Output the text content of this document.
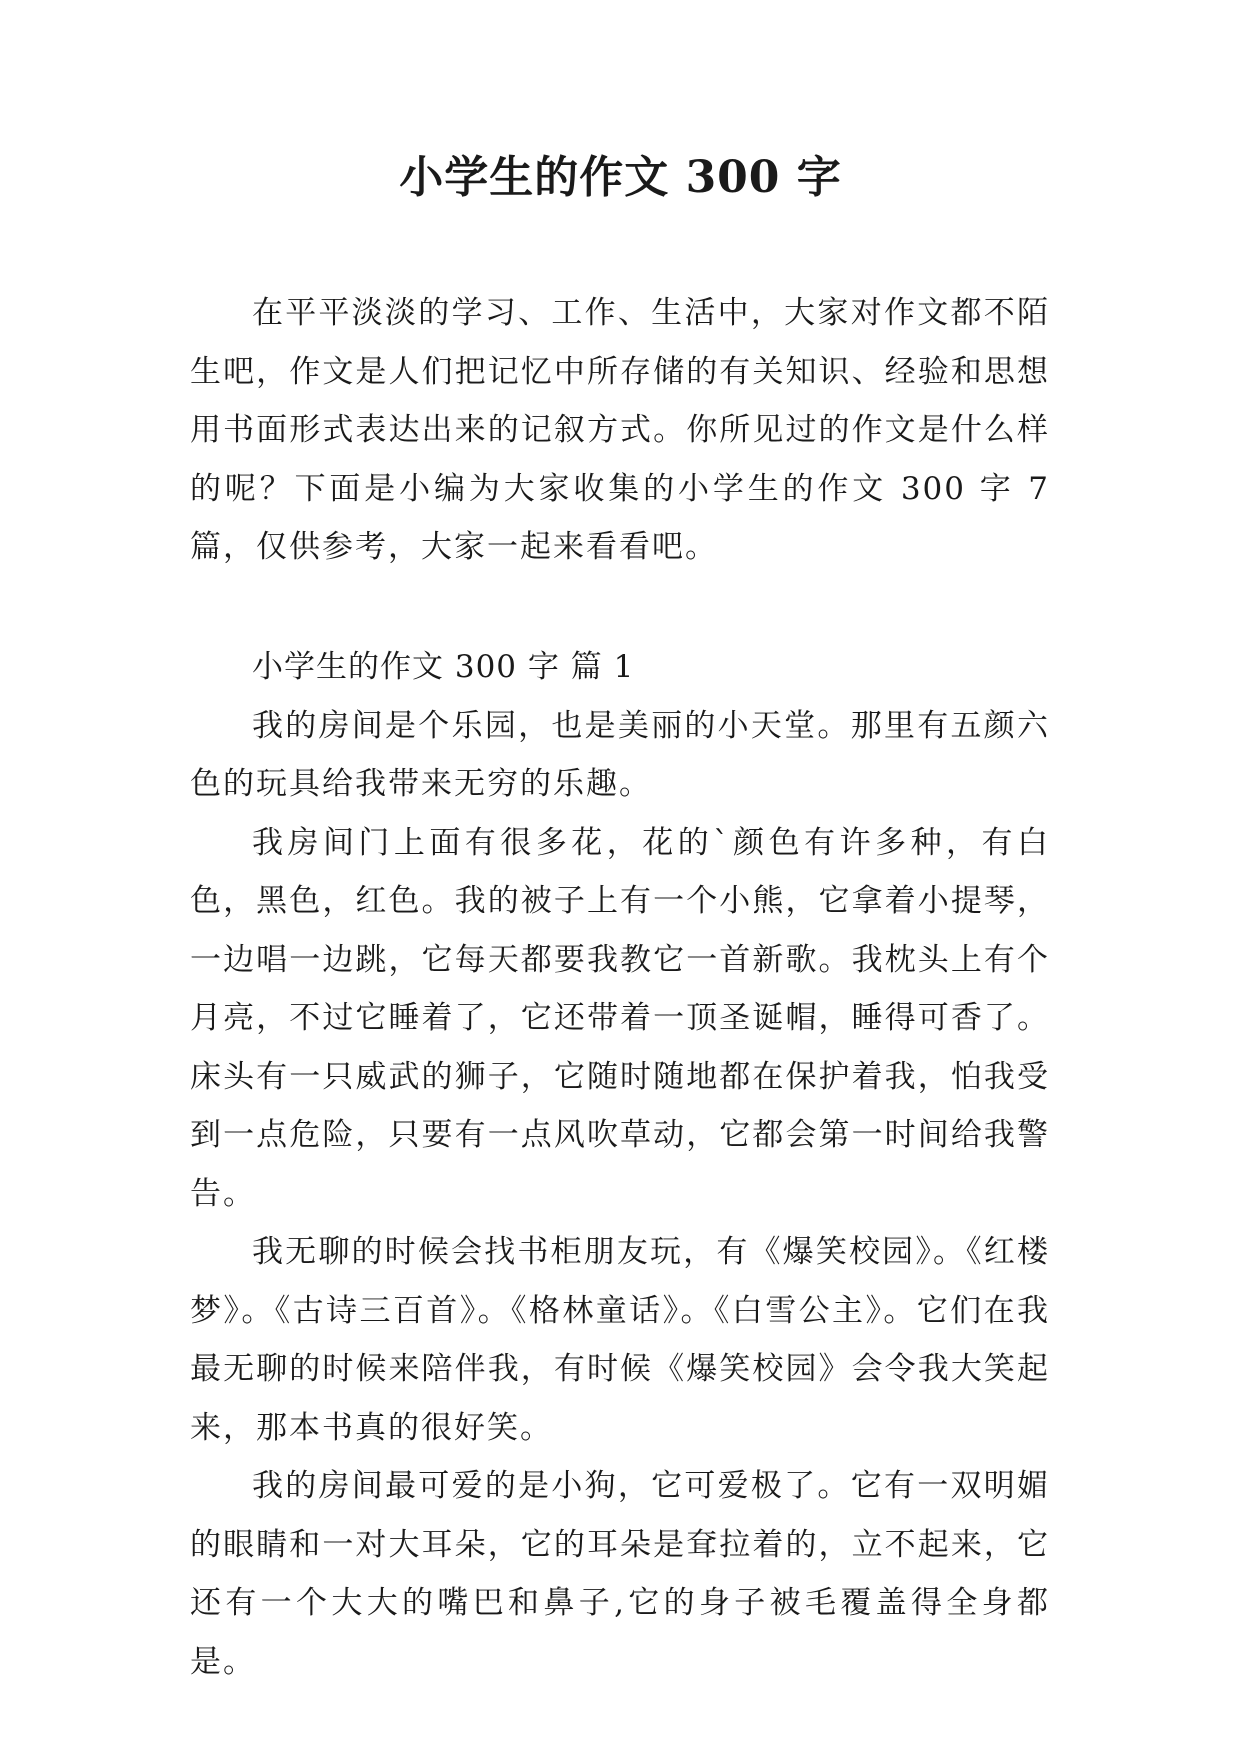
小学生的作文 300 字

在平平淡淡的学习、工作、生活中，大家对作文都不陌生吧，作文是人们把记忆中所存储的有关知识、经验和思想用书面形式表达出来的记叙方式。你所见过的作文是什么样的呢？下面是小编为大家收集的小学生的作文 300 字 7 篇，仅供参考，大家一起来看看吧。

小学生的作文 300 字 篇 1

我的房间是个乐园，也是美丽的小天堂。那里有五颜六色的玩具给我带来无穷的乐趣。

我房间门上面有很多花，花的`颜色有许多种，有白色，黑色，红色。我的被子上有一个小熊，它拿着小提琴，一边唱一边跳，它每天都要我教它一首新歌。我枕头上有个月亮，不过它睡着了，它还带着一顶圣诞帽，睡得可香了。床头有一只威武的狮子，它随时随地都在保护着我，怕我受到一点危险，只要有一点风吹草动，它都会第一时间给我警告。

我无聊的时候会找书柜朋友玩，有《爆笑校园》。《红楼梦》。《古诗三百首》。《格林童话》。《白雪公主》。它们在我最无聊的时候来陪伴我，有时候《爆笑校园》会令我大笑起来，那本书真的很好笑。

我的房间最可爱的是小狗，它可爱极了。它有一双明媚的眼睛和一对大耳朵，它的耳朵是耷拉着的，立不起来，它还有一个大大的嘴巴和鼻子,它的身子被毛覆盖得全身都是。
